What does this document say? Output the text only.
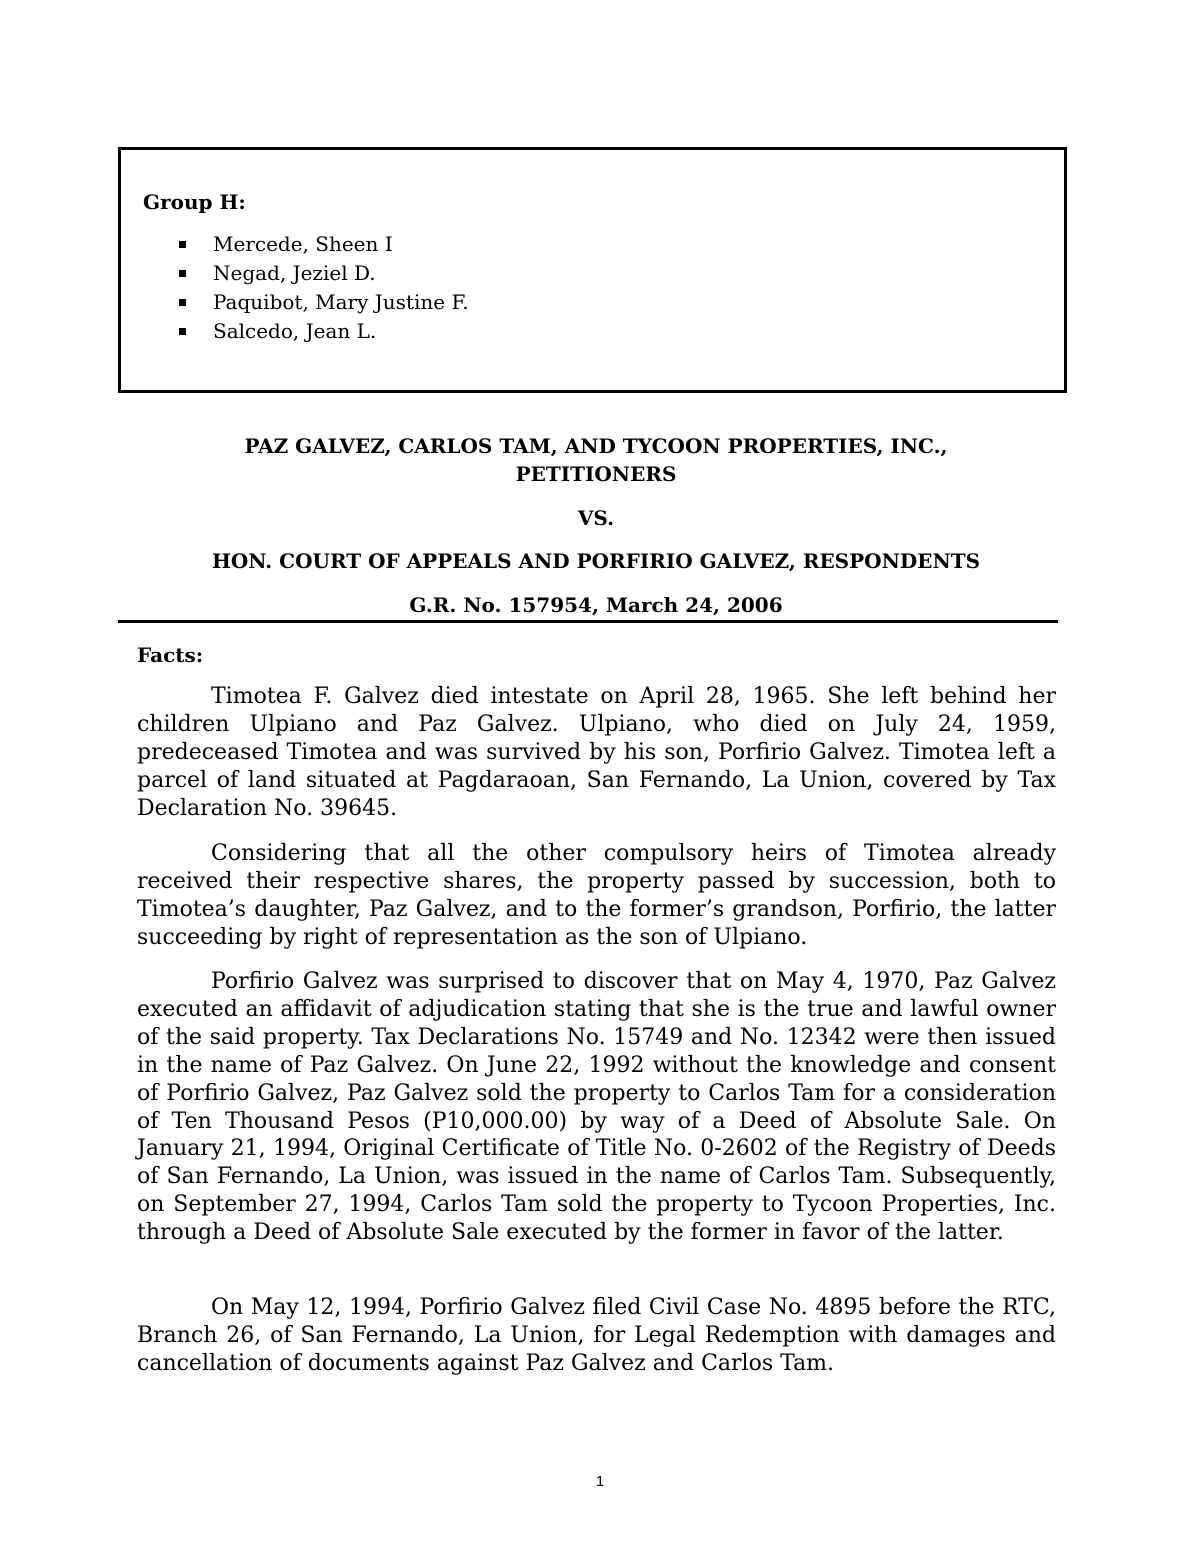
Group H:

Mercede, Sheen I
Negad, Jeziel D.
Paquibot, Mary Justine F.
Salcedo, Jean L.

PAZ GALVEZ, CARLOS TAM, AND TYCOON PROPERTIES, INC.,

PETITIONERS

VS.

HON. COURT OF APPEALS AND PORFIRIO GALVEZ, RESPONDENTS

G.R. No. 157954, March 24, 2006

Facts:

Timotea F. Galvez died intestate on April 28, 1965. She left behind her children Ulpiano and Paz Galvez. Ulpiano, who died on July 24, 1959, predeceased Timotea and was survived by his son, Porfirio Galvez. Timotea left a parcel of land situated at Pagdaraoan, San Fernando, La Union, covered by Tax Declaration No. 39645.

Considering that all the other compulsory heirs of Timotea already received their respective shares, the property passed by succession, both to Timotea’s daughter, Paz Galvez, and to the former’s grandson, Porfirio, the latter succeeding by right of representation as the son of Ulpiano.

Porfirio Galvez was surprised to discover that on May 4, 1970, Paz Galvez executed an affidavit of adjudication stating that she is the true and lawful owner of the said property. Tax Declarations No. 15749 and No. 12342 were then issued in the name of Paz Galvez. On June 22, 1992 without the knowledge and consent of Porfirio Galvez, Paz Galvez sold the property to Carlos Tam for a consideration of Ten Thousand Pesos (P10,000.00) by way of a Deed of Absolute Sale. On January 21, 1994, Original Certificate of Title No. 0-2602 of the Registry of Deeds of San Fernando, La Union, was issued in the name of Carlos Tam. Subsequently, on September 27, 1994, Carlos Tam sold the property to Tycoon Properties, Inc. through a Deed of Absolute Sale executed by the former in favor of the latter.

On May 12, 1994, Porfirio Galvez filed Civil Case No. 4895 before the RTC, Branch 26, of San Fernando, La Union, for Legal Redemption with damages and cancellation of documents against Paz Galvez and Carlos Tam.

1
